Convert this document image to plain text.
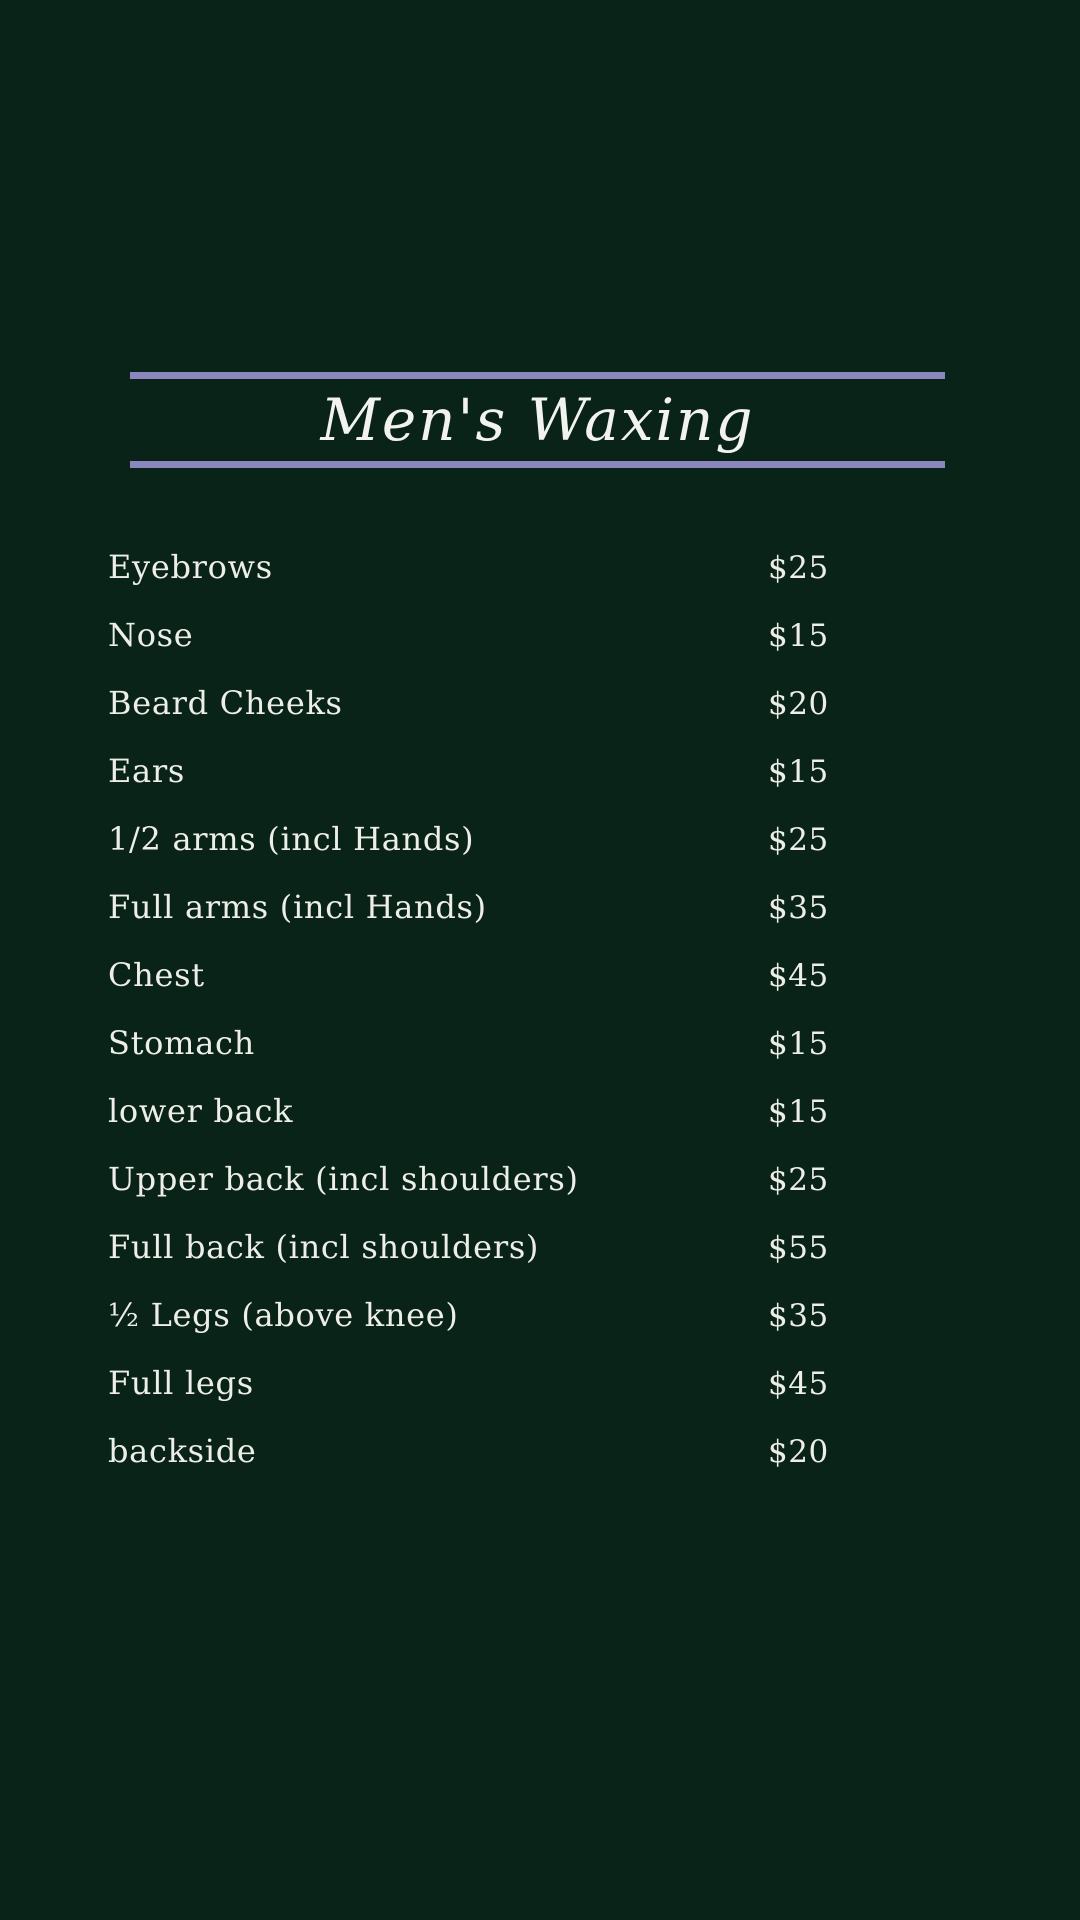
Men's Waxing
Eyebrows	$25
Nose	$15
Beard Cheeks	$20
Ears	$15
1/2 arms (incl Hands)	$25
Full arms (incl Hands)	$35
Chest	$45
Stomach	$15
lower back	$15
Upper back (incl shoulders)	$25
Full back (incl shoulders)	$55
½ Legs (above knee)	$35
Full legs	$45
backside	$20
